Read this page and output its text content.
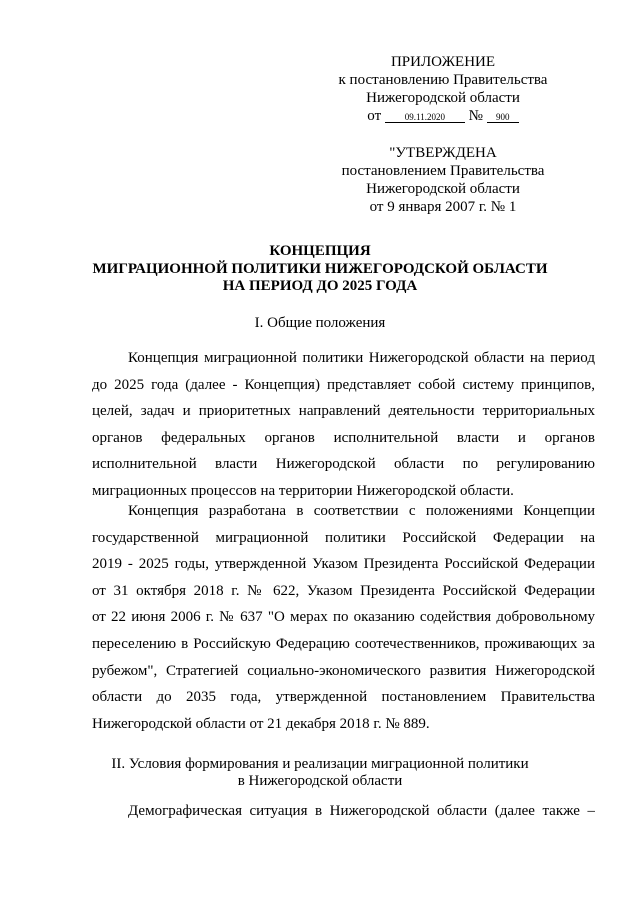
ПРИЛОЖЕНИЕ
к постановлению Правительства
Нижегородской области
от	09.11.2020 № 900
"УТВЕРЖДЕНА
постановлением Правительства
Нижегородской области
от 9 января 2007 г. № 1
КОНЦЕПЦИЯ
МИГРАЦИОННОЙ ПОЛИТИКИ НИЖЕГОРОДСКОЙ ОБЛАСТИ
НА ПЕРИОД ДО 2025 ГОДА
I. Общие положения
Концепция миграционной политики Нижегородской области на период
до 2025 года (далее - Концепция) представляет собой систему принципов,
целей, задач и приоритетных направлений деятельности территориальных
органов федеральных органов исполнительной власти и органов
исполнительной власти Нижегородской области по регулированию
миграционных процессов на территории Нижегородской области.
Концепция разработана в соответствии с положениями Концепции
государственной миграционной политики Российской Федерации на
2019 - 2025 годы, утвержденной Указом Президента Российской Федерации
от 31 октября 2018 г. № 622, Указом Президента Российской Федерации
от 22 июня 2006 г. № 637 "О мерах по оказанию содействия добровольному
переселению в Российскую Федерацию соотечественников, проживающих за
рубежом", Стратегией социально-экономического развития Нижегородской
области до 2035 года, утвержденной постановлением Правительства
Нижегородской области от 21 декабря 2018 г. № 889.
II. Условия формирования и реализации миграционной политики
в Нижегородской области
Демографическая ситуация в Нижегородской области (далее также –
